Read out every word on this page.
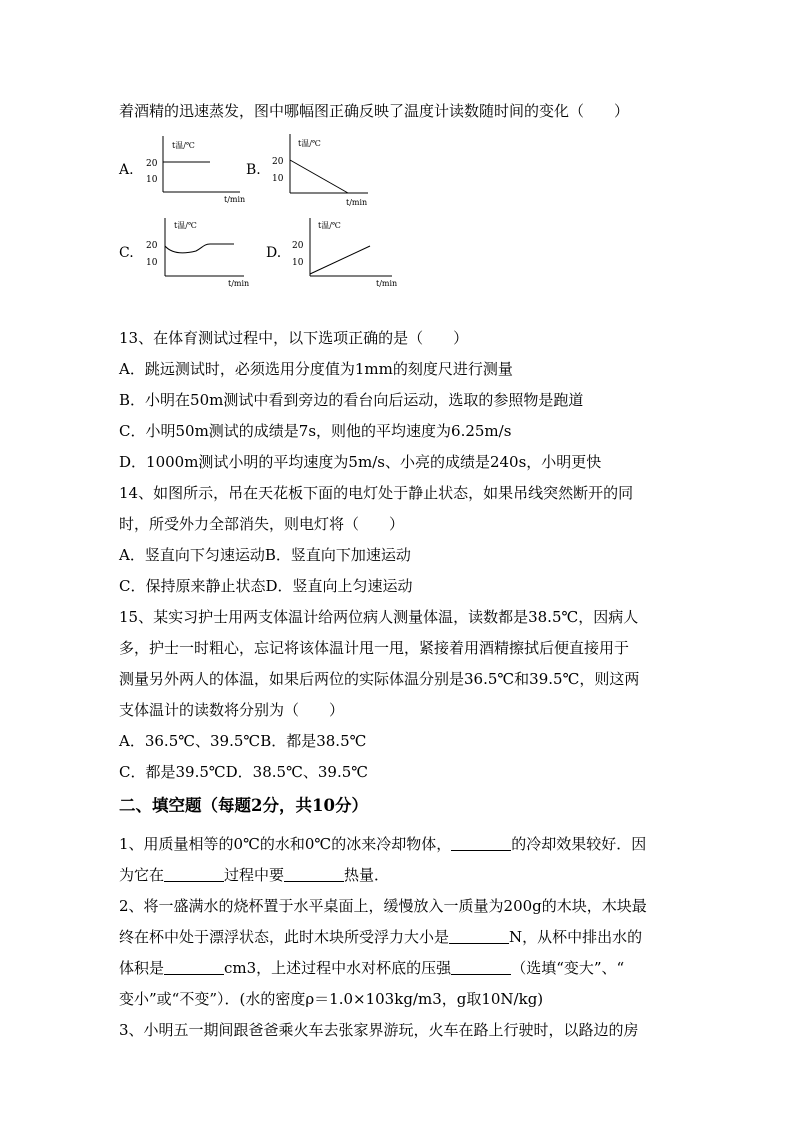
着酒精的迅速蒸发，图中哪幅图正确反映了温度计读数随时间的变化（　　）
A.
t温/℃
20
10
t/min
B.
t温/℃
20
10
t/min
C.
t温/℃
20
10
t/min
D.
t温/℃
20
10
t/min
13、在体育测试过程中，以下选项正确的是（　　）
A．跳远测试时，必须选用分度值为1mm的刻度尺进行测量
B．小明在50m测试中看到旁边的看台向后运动，选取的参照物是跑道
C．小明50m测试的成绩是7s，则他的平均速度为6.25m/s
D．1000m测试小明的平均速度为5m/s、小亮的成绩是240s，小明更快
14、如图所示，吊在天花板下面的电灯处于静止状态，如果吊线突然断开的同
时，所受外力全部消失，则电灯将（　　）
A．竖直向下匀速运动B．竖直向下加速运动
C．保持原来静止状态D．竖直向上匀速运动
15、某实习护士用两支体温计给两位病人测量体温，读数都是38.5℃，因病人
多，护士一时粗心，忘记将该体温计甩一甩，紧接着用酒精擦拭后便直接用于
测量另外两人的体温，如果后两位的实际体温分别是36.5℃和39.5℃，则这两
支体温计的读数将分别为（　　）
A．36.5℃、39.5℃B．都是38.5℃
C．都是39.5℃D．38.5℃、39.5℃
二、填空题（每题2分，共10分）
1、用质量相等的0℃的水和0℃的冰来冷却物体，	的冷却效果较好．因
为它在	过程中要	热量．
2、将一盛满水的烧杯置于水平桌面上，缓慢放入一质量为200g的木块，木块最
终在杯中处于漂浮状态，此时木块所受浮力大小是	N，从杯中排出水的
体积是	cm3，上述过程中水对杯底的压强	（选填“变大”、“
变小”或“不变”）．(水的密度ρ＝1.0×103kg/m3，g取10N/kg)
3、小明五一期间跟爸爸乘火车去张家界游玩，火车在路上行驶时，以路边的房
